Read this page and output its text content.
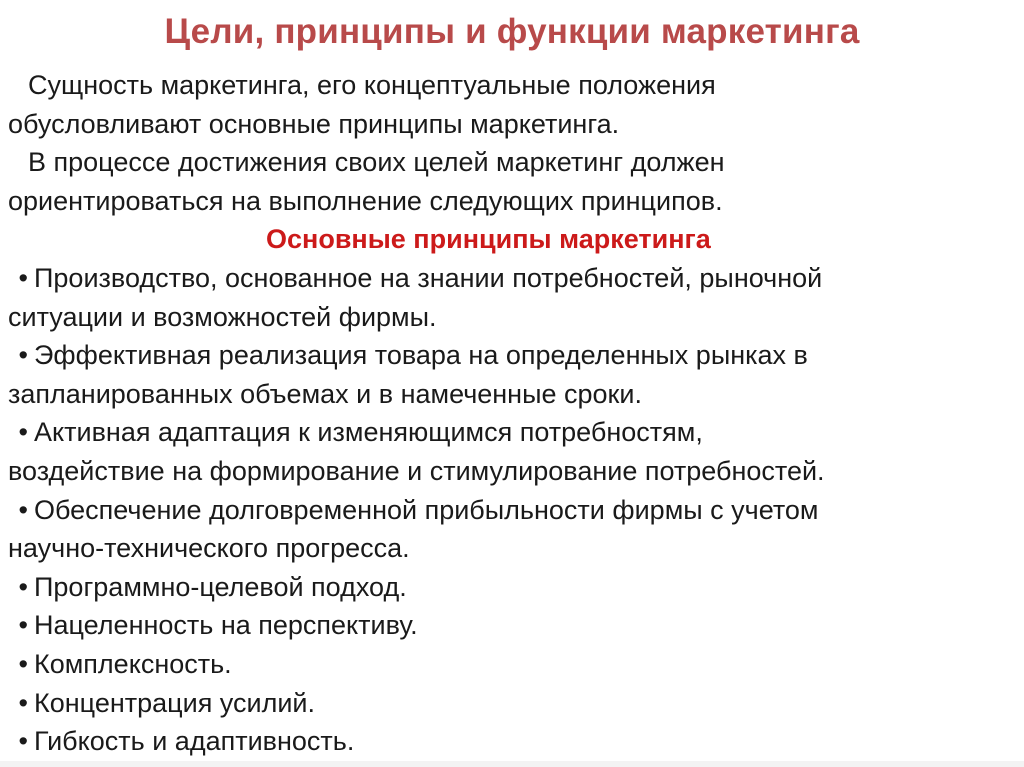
Цели, принципы и функции маркетинга
Сущность маркетинга, его концептуальные положения
обусловливают основные принципы маркетинга.
В процессе достижения своих целей маркетинг должен
ориентироваться на выполнение следующих принципов.
Основные принципы маркетинга
• Производство, основанное на знании потребностей, рыночной
ситуации и возможностей фирмы.
• Эффективная реализация товара на определенных рынках в
запланированных объемах и в намеченные сроки.
• Активная адаптация к изменяющимся потребностям,
воздействие на формирование и стимулирование потребностей.
• Обеспечение долговременной прибыльности фирмы с учетом
научно-технического прогресса.
• Программно-целевой подход.
• Нацеленность на перспективу.
• Комплексность.
• Концентрация усилий.
• Гибкость и адаптивность.
